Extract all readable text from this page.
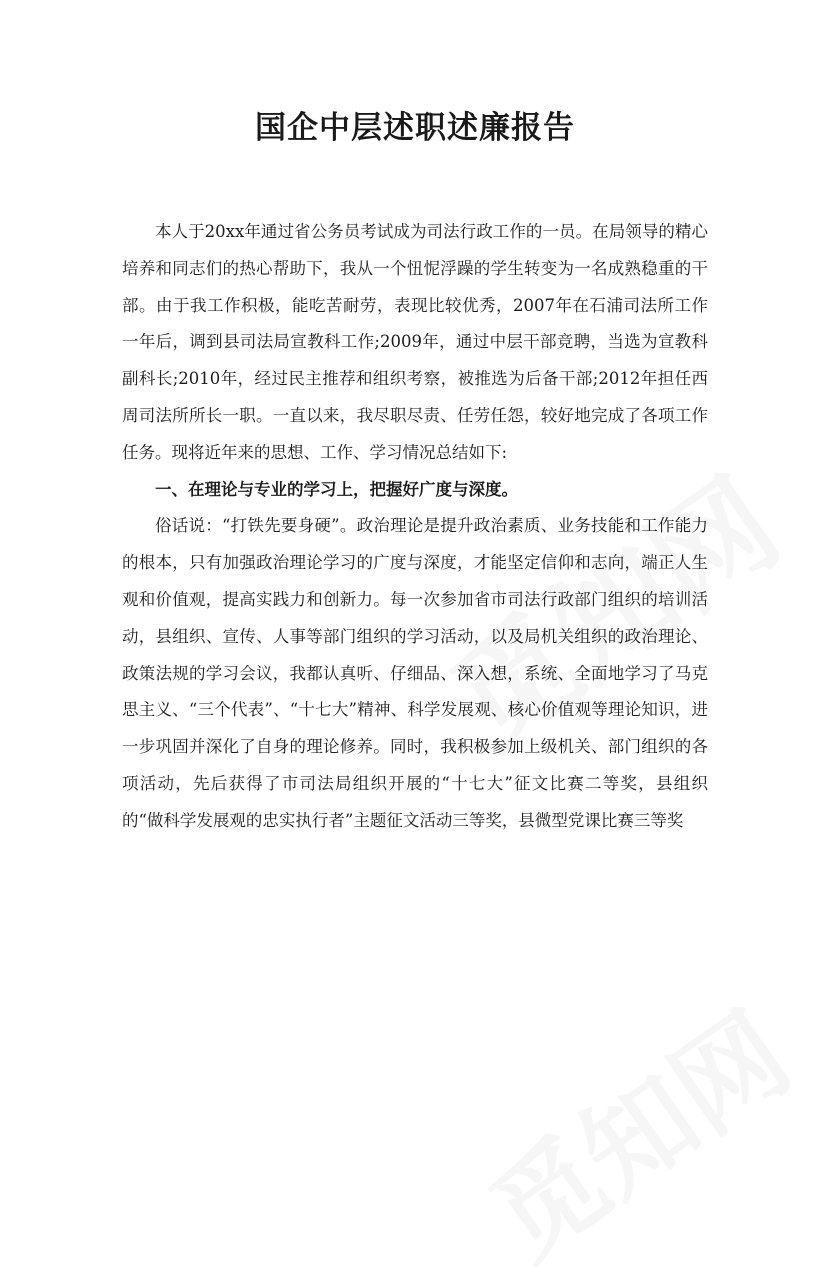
国企中层述职述廉报告

本人于20xx年通过省公务员考试成为司法行政工作的一员。在局领导的精心培养和同志们的热心帮助下，我从一个忸怩浮躁的学生转变为一名成熟稳重的干部。由于我工作积极，能吃苦耐劳，表现比较优秀，2007年在石浦司法所工作一年后，调到县司法局宣教科工作;2009年，通过中层干部竞聘，当选为宣教科副科长;2010年，经过民主推荐和组织考察，被推选为后备干部;2012年担任西周司法所所长一职。一直以来，我尽职尽责、任劳任怨，较好地完成了各项工作任务。现将近年来的思想、工作、学习情况总结如下:

一、在理论与专业的学习上，把握好广度与深度。

俗话说：“打铁先要身硬”。政治理论是提升政治素质、业务技能和工作能力的根本，只有加强政治理论学习的广度与深度，才能坚定信仰和志向，端正人生观和价值观，提高实践力和创新力。每一次参加省市司法行政部门组织的培训活动，县组织、宣传、人事等部门组织的学习活动，以及局机关组织的政治理论、政策法规的学习会议，我都认真听、仔细品、深入想，系统、全面地学习了马克思主义、“三个代表”、“十七大”精神、科学发展观、核心价值观等理论知识，进一步巩固并深化了自身的理论修养。同时，我积极参加上级机关、部门组织的各项活动，先后获得了市司法局组织开展的“十七大”征文比赛二等奖，县组织的“做科学发展观的忠实执行者”主题征文活动三等奖，县微型党课比赛三等奖
